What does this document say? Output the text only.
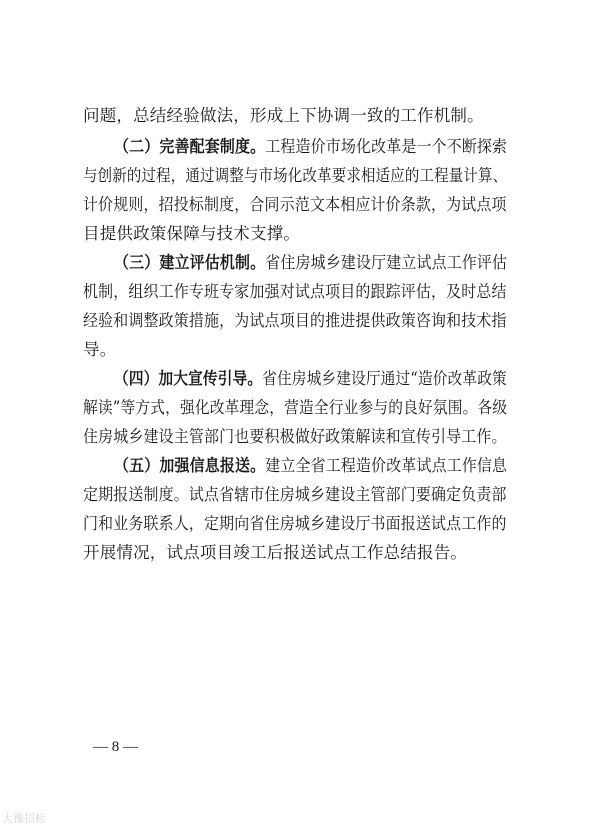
问题，总结经验做法，形成上下协调一致的工作机制。
（二）完善配套制度。工程造价市场化改革是一个不断探索
与创新的过程，通过调整与市场化改革要求相适应的工程量计算、
计价规则，招投标制度，合同示范文本相应计价条款，为试点项
目提供政策保障与技术支撑。
（三）建立评估机制。省住房城乡建设厅建立试点工作评估
机制，组织工作专班专家加强对试点项目的跟踪评估，及时总结
经验和调整政策措施，为试点项目的推进提供政策咨询和技术指
导。
（四）加大宣传引导。省住房城乡建设厅通过“造价改革政策
解读”等方式，强化改革理念，营造全行业参与的良好氛围。各级
住房城乡建设主管部门也要积极做好政策解读和宣传引导工作。
（五）加强信息报送。建立全省工程造价改革试点工作信息
定期报送制度。试点省辖市住房城乡建设主管部门要确定负责部
门和业务联系人，定期向省住房城乡建设厅书面报送试点工作的
开展情况，试点项目竣工后报送试点工作总结报告。
— 8 —
大豫招标
